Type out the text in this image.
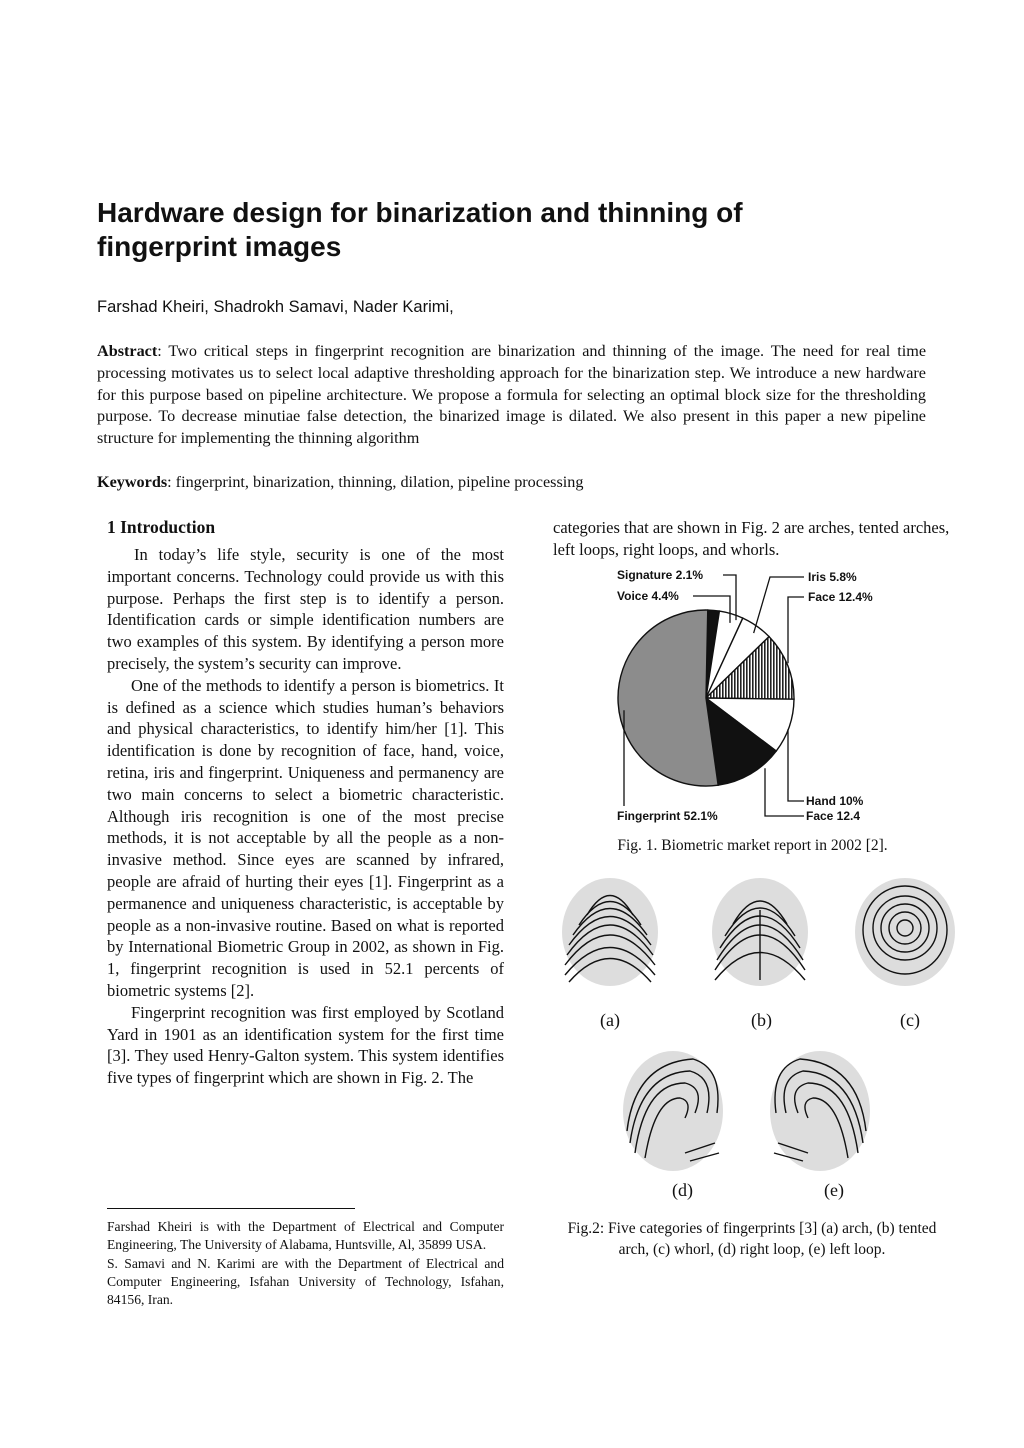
Hardware design for binarization and thinning of fingerprint images
Farshad Kheiri, Shadrokh Samavi, Nader Karimi,

Abstract: Two critical steps in fingerprint recognition are binarization and thinning of the image. The need for real time processing motivates us to select local adaptive thresholding approach for the binarization step. We introduce a new hardware for this purpose based on pipeline architecture. We propose a formula for selecting an optimal block size for the thresholding purpose. To decrease minutiae false detection, the binarized image is dilated. We also present in this paper a new pipeline structure for implementing the thinning algorithm

Keywords: fingerprint, binarization, thinning, dilation, pipeline processing

1 Introduction

In today’s life style, security is one of the most important concerns. Technology could provide us with this purpose. Perhaps the first step is to identify a person. Identification cards or simple identification numbers are two examples of this system. By identifying a person more precisely, the system’s security can improve.

One of the methods to identify a person is biometrics. It is defined as a science which studies human’s behaviors and physical characteristics, to identify him/her [1]. This identification is done by recognition of face, hand, voice, retina, iris and fingerprint. Uniqueness and permanency are two main concerns to select a biometric characteristic. Although iris recognition is one of the most precise methods, it is not acceptable by all the people as a non-invasive method. Since eyes are scanned by infrared, people are afraid of hurting their eyes [1]. Fingerprint as a permanence and uniqueness characteristic, is acceptable by people as a non-invasive routine. Based on what is reported by International Biometric Group in 2002, as shown in Fig. 1, fingerprint recognition is used in 52.1 percents of biometric systems [2].

Fingerprint recognition was first employed by Scotland Yard in 1901 as an identification system for the first time [3]. They used Henry-Galton system. This system identifies five types of fingerprint which are shown in Fig. 2. The

categories that are shown in Fig. 2 are arches, tented arches, left loops, right loops, and whorls.

Farshad Kheiri is with the Department of Electrical and Computer Engineering, The University of Alabama, Huntsville, Al, 35899 USA.

S. Samavi and N. Karimi are with the Department of Electrical and Computer Engineering, Isfahan University of Technology, Isfahan, 84156, Iran.

Signature 2.1%
Voice 4.4%
Iris 5.8%
Face 12.4%
Hand 10%
Face 12.4
Fingerprint 52.1%
Fig. 1. Biometric market report in 2002 [2].
(a)	(b)	(c)
(d)	(e)
Fig.2: Five categories of fingerprints [3] (a) arch, (b) tented arch, (c) whorl, (d) right loop, (e) left loop.
